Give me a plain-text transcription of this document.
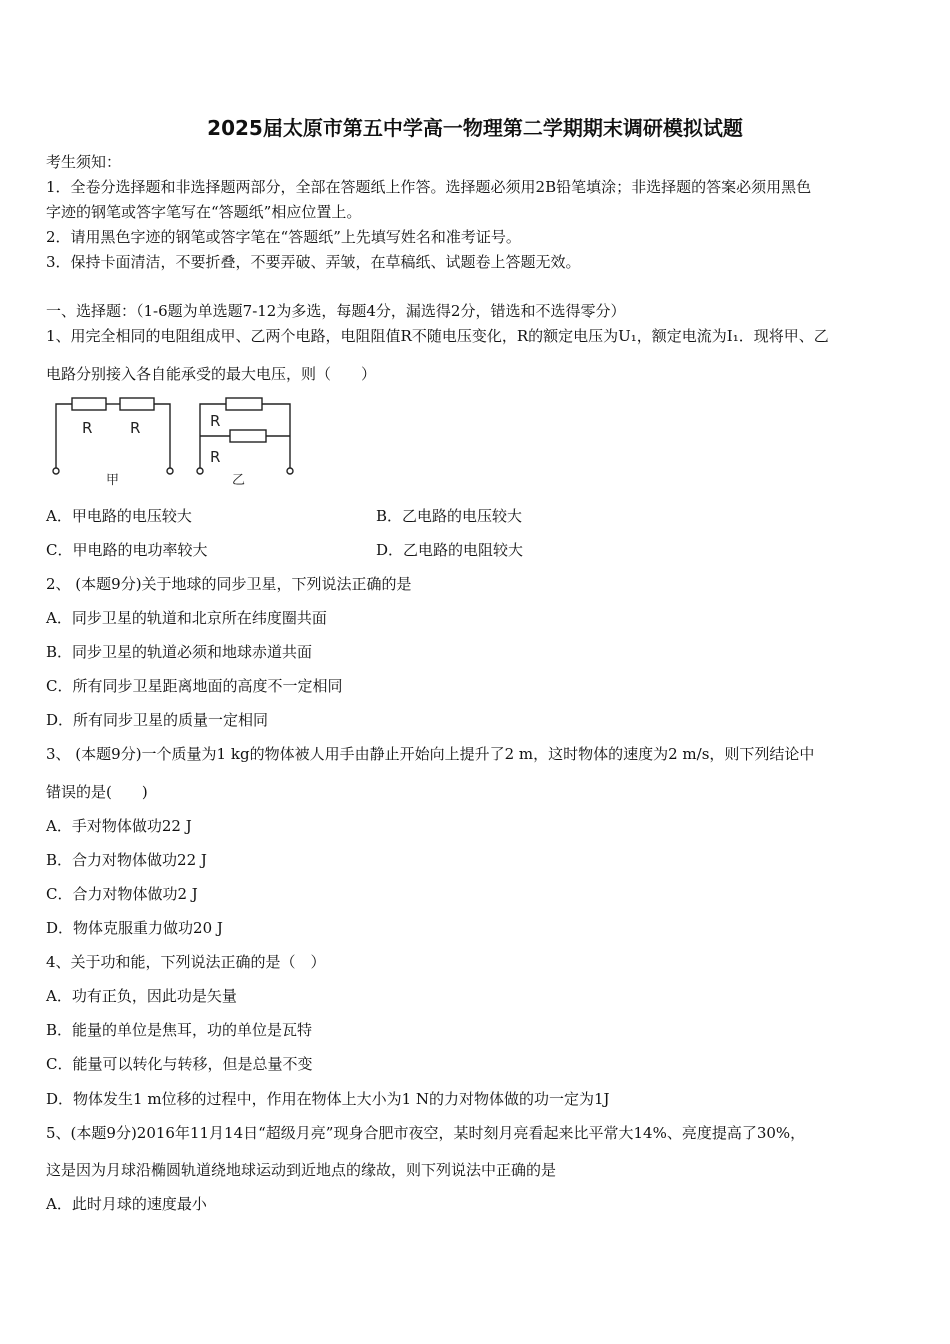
2025届太原市第五中学高一物理第二学期期末调研模拟试题
考生须知：
1．全卷分选择题和非选择题两部分，全部在答题纸上作答。选择题必须用2B铅笔填涂；非选择题的答案必须用黑色
字迹的钢笔或答字笔写在“答题纸”相应位置上。
2．请用黑色字迹的钢笔或答字笔在“答题纸”上先填写姓名和准考证号。
3．保持卡面清洁，不要折叠，不要弄破、弄皱，在草稿纸、试题卷上答题无效。
一、选择题：（1-6题为单选题7-12为多选，每题4分，漏选得2分，错选和不选得零分）
1、用完全相同的电阻组成甲、乙两个电路，电阻阻值R不随电压变化，R的额定电压为U₁，额定电流为I₁．现将甲、乙
电路分别接入各自能承受的最大电压，则（　　）
R	R	R
R
甲	乙
A．甲电路的电压较大	B．乙电路的电压较大
C．甲电路的电功率较大	D．乙电路的电阻较大
2、 (本题9分)关于地球的同步卫星，下列说法正确的是
A．同步卫星的轨道和北京所在纬度圈共面
B．同步卫星的轨道必须和地球赤道共面
C．所有同步卫星距离地面的高度不一定相同
D．所有同步卫星的质量一定相同
3、 (本题9分)一个质量为1 kg的物体被人用手由静止开始向上提升了2 m，这时物体的速度为2 m/s，则下列结论中
错误的是(　　)
A．手对物体做功22 J
B．合力对物体做功22 J
C．合力对物体做功2 J
D．物体克服重力做功20 J
4、关于功和能，下列说法正确的是（　）
A．功有正负，因此功是矢量
B．能量的单位是焦耳，功的单位是瓦特
C．能量可以转化与转移，但是总量不变
D．物体发生1 m位移的过程中，作用在物体上大小为1 N的力对物体做的功一定为1J
5、(本题9分)2016年11月14日“超级月亮”现身合肥市夜空，某时刻月亮看起来比平常大14%、亮度提高了30%，
这是因为月球沿椭圆轨道绕地球运动到近地点的缘故，则下列说法中正确的是
A．此时月球的速度最小
